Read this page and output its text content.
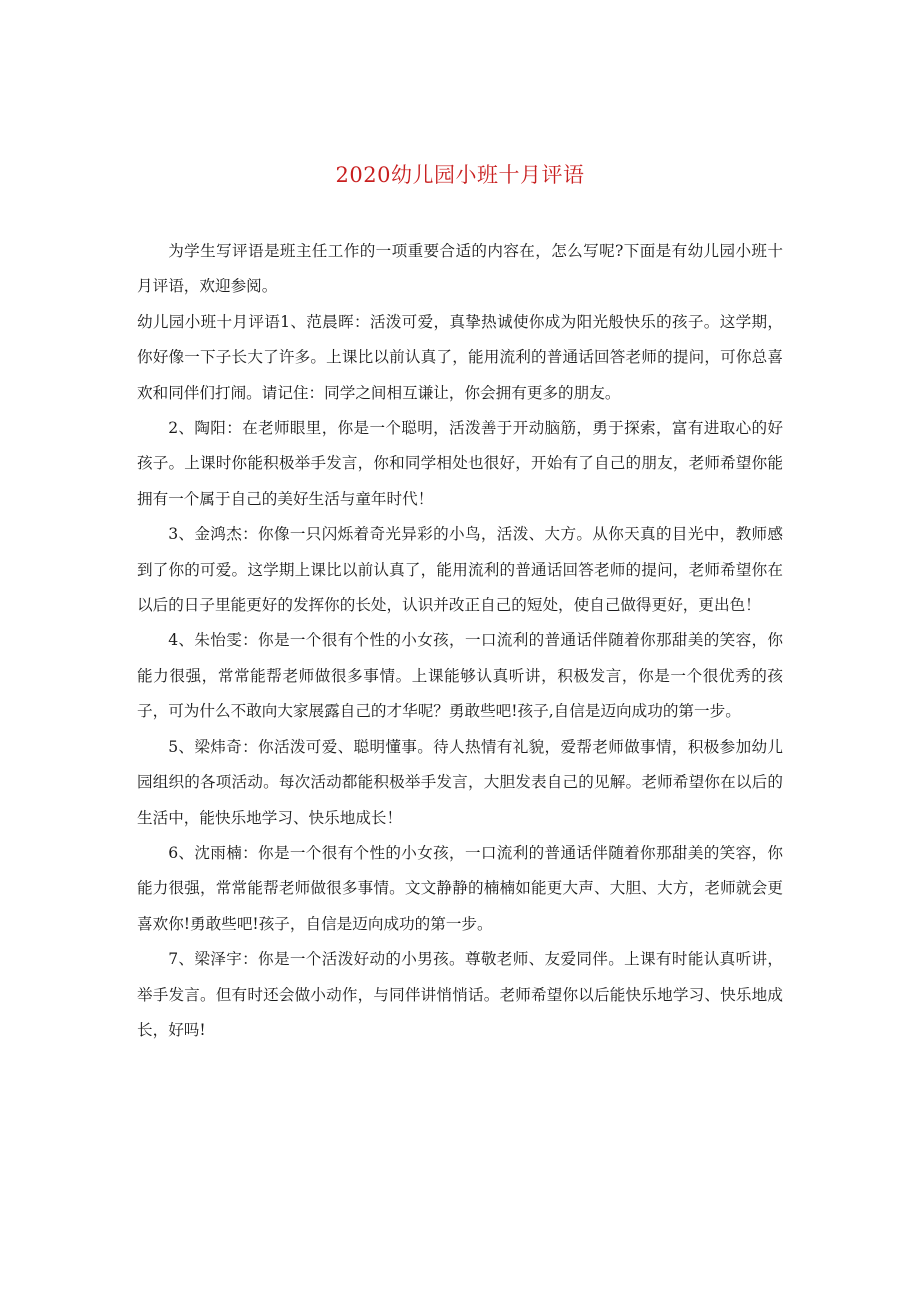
2020幼儿园小班十月评语

为学生写评语是班主任工作的一项重要合适的内容在，怎么写呢?下面是有幼儿园小班十月评语，欢迎参阅。

幼儿园小班十月评语1、范晨晖：活泼可爱，真挚热诚使你成为阳光般快乐的孩子。这学期，你好像一下子长大了许多。上课比以前认真了，能用流利的普通话回答老师的提问，可你总喜欢和同伴们打闹。请记住：同学之间相互谦让，你会拥有更多的朋友。

2、陶阳：在老师眼里，你是一个聪明，活泼善于开动脑筋，勇于探索，富有进取心的好孩子。上课时你能积极举手发言，你和同学相处也很好，开始有了自己的朋友，老师希望你能拥有一个属于自己的美好生活与童年时代！

3、金鸿杰：你像一只闪烁着奇光异彩的小鸟，活泼、大方。从你天真的目光中，教师感到了你的可爱。这学期上课比以前认真了，能用流利的普通话回答老师的提问，老师希望你在以后的日子里能更好的发挥你的长处，认识并改正自己的短处，使自己做得更好，更出色！

4、朱怡雯：你是一个很有个性的小女孩，一口流利的普通话伴随着你那甜美的笑容，你能力很强，常常能帮老师做很多事情。上课能够认真听讲，积极发言，你是一个很优秀的孩子，可为什么不敢向大家展露自己的才华呢？勇敢些吧!孩子,自信是迈向成功的第一步。

5、梁炜奇：你活泼可爱、聪明懂事。待人热情有礼貌，爱帮老师做事情，积极参加幼儿园组织的各项活动。每次活动都能积极举手发言，大胆发表自己的见解。老师希望你在以后的生活中，能快乐地学习、快乐地成长！

6、沈雨楠：你是一个很有个性的小女孩，一口流利的普通话伴随着你那甜美的笑容，你能力很强，常常能帮老师做很多事情。文文静静的楠楠如能更大声、大胆、大方，老师就会更喜欢你!勇敢些吧!孩子，自信是迈向成功的第一步。

7、梁泽宇：你是一个活泼好动的小男孩。尊敬老师、友爱同伴。上课有时能认真听讲，举手发言。但有时还会做小动作，与同伴讲悄悄话。老师希望你以后能快乐地学习、快乐地成长，好吗!
